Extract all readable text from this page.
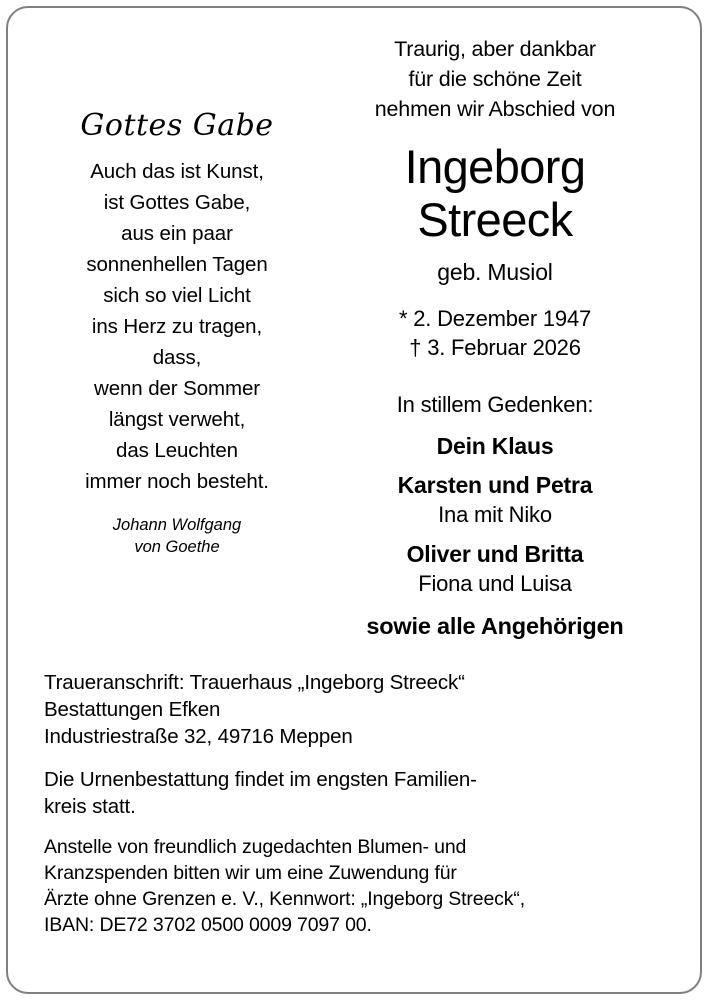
Gottes Gabe
Auch das ist Kunst,
ist Gottes Gabe,
aus ein paar
sonnenhellen Tagen
sich so viel Licht
ins Herz zu tragen,
dass,
wenn der Sommer
längst verweht,
das Leuchten
immer noch besteht.
Johann Wolfgang
von Goethe
Traurig, aber dankbar
für die schöne Zeit
nehmen wir Abschied von
Ingeborg
Streeck
geb. Musiol
* 2. Dezember 1947
† 3. Februar 2026
In stillem Gedenken:
Dein Klaus
Karsten und Petra
Ina mit Niko
Oliver und Britta
Fiona und Luisa
sowie alle Angehörigen
Traueranschrift: Trauerhaus „Ingeborg Streeck“
Bestattungen Efken
Industriestraße 32, 49716 Meppen
Die Urnenbestattung findet im engsten Familien-
kreis statt.
Anstelle von freundlich zugedachten Blumen- und
Kranzspenden bitten wir um eine Zuwendung für
Ärzte ohne Grenzen e. V., Kennwort: „Ingeborg Streeck“,
IBAN: DE72 3702 0500 0009 7097 00.
